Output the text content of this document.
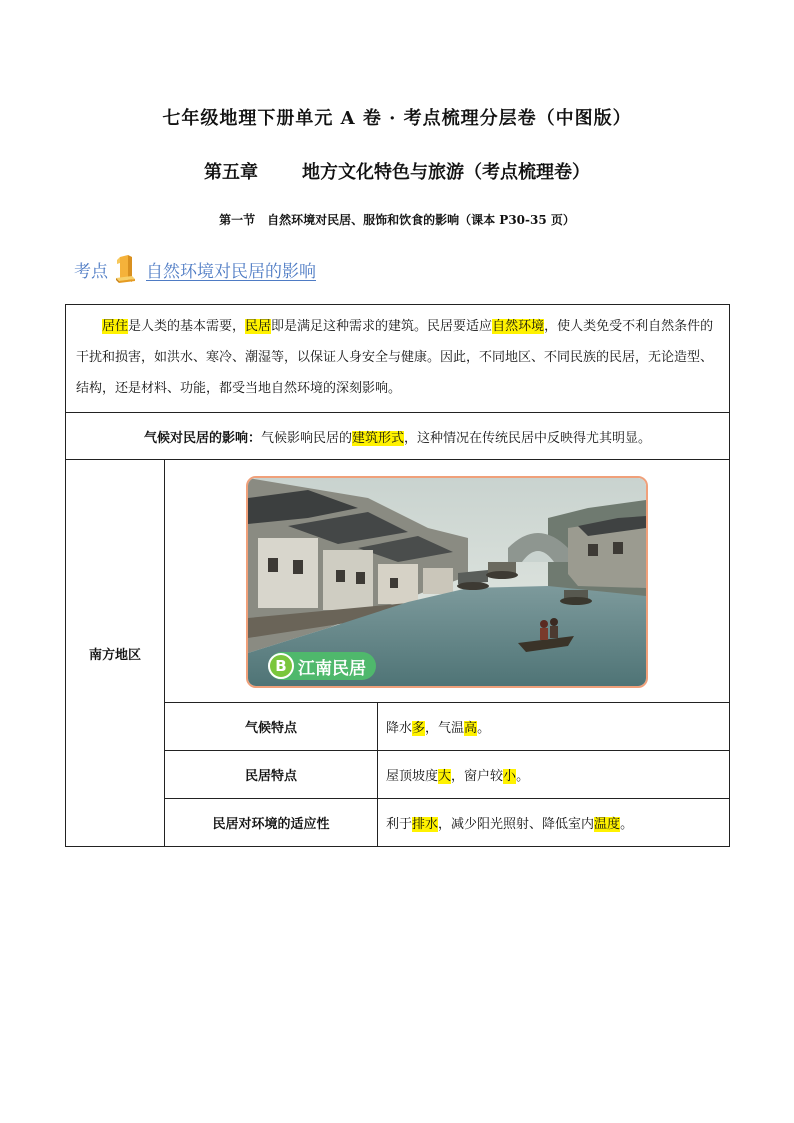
七年级地理下册单元 A 卷 · 考点梳理分层卷（中图版）
第五章 地方文化特色与旅游（考点梳理卷）
第一节　自然环境对民居、服饰和饮食的影响（课本 P30-35 页）
考点 自然环境对民居的影响
居住是人类的基本需要，民居即是满足这种需求的建筑。民居要适应自然环境，使人类免受不利自然条件的干扰和损害，如洪水、寒冷、潮湿等，以保证人身安全与健康。因此，不同地区、不同民族的民居，无论造型、结构，还是材料、功能，都受当地自然环境的深刻影响。		
气候对民居的影响：气候影响民居的建筑形式，这种情况在传统民居中反映得尤其明显。		
南方地区	B 江南民居	

	气候特点	降水多，气温高。
	民居特点	屋顶坡度大，窗户较小。
	民居对环境的适应性	利于排水，减少阳光照射、降低室内温度。
